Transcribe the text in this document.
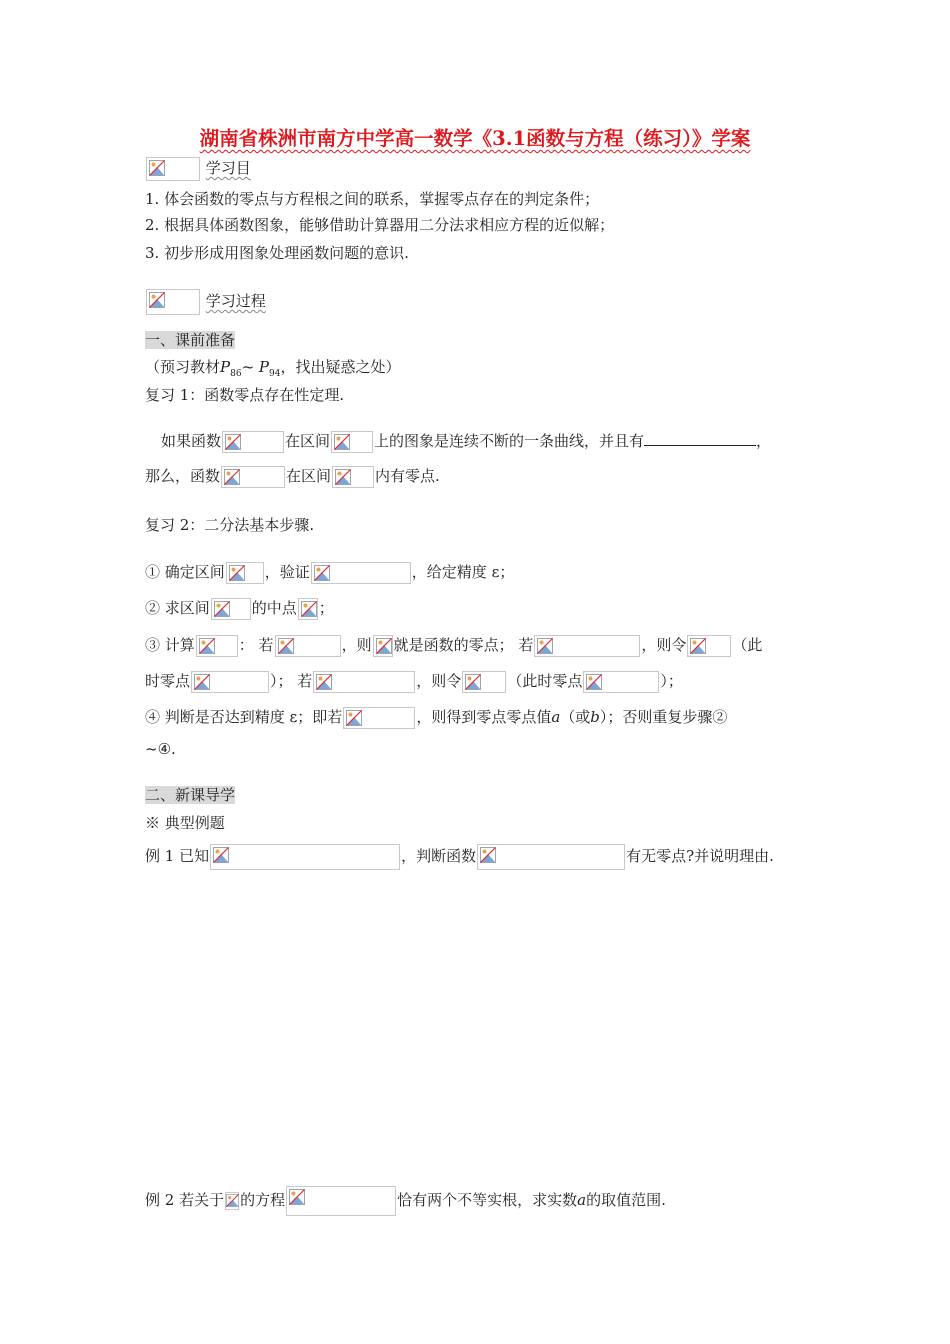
湖南省株洲市南方中学高一数学《3.1函数与方程（练习）》学案
学习目
1. 体会函数的零点与方程根之间的联系，掌握零点存在的判定条件；
2. 根据具体函数图象，能够借助计算器用二分法求相应方程的近似解；
3. 初步形成用图象处理函数问题的意识.
学习过程
一、课前准备
（预习教材$P_{86}\sim$ $P_{94}$，找出疑惑之处）
复习 1：函数零点存在性定理.
如果函数	在区间	上的图象是连续不断的一条曲线，并且有	，
那么，函数	在区间	内有零点.
复习 2：二分法基本步骤.
① 确定区间	，验证	，给定精度 ε；
② 求区间	的中点 ；
③ 计算	： 若	，则 就是函数的零点； 若	，则令	（此
时零点	）； 若	，则令	（此时零点	）；
④ 判断是否达到精度 ε；即若	，则得到零点零点值a（或b）；否则重复步骤②
~④.
二、新课导学
※ 典型例题
例 1 已知	，判断函数	有无零点?并说明理由.
例 2 若关于 的方程	恰有两个不等实根，求实数a的取值范围.
